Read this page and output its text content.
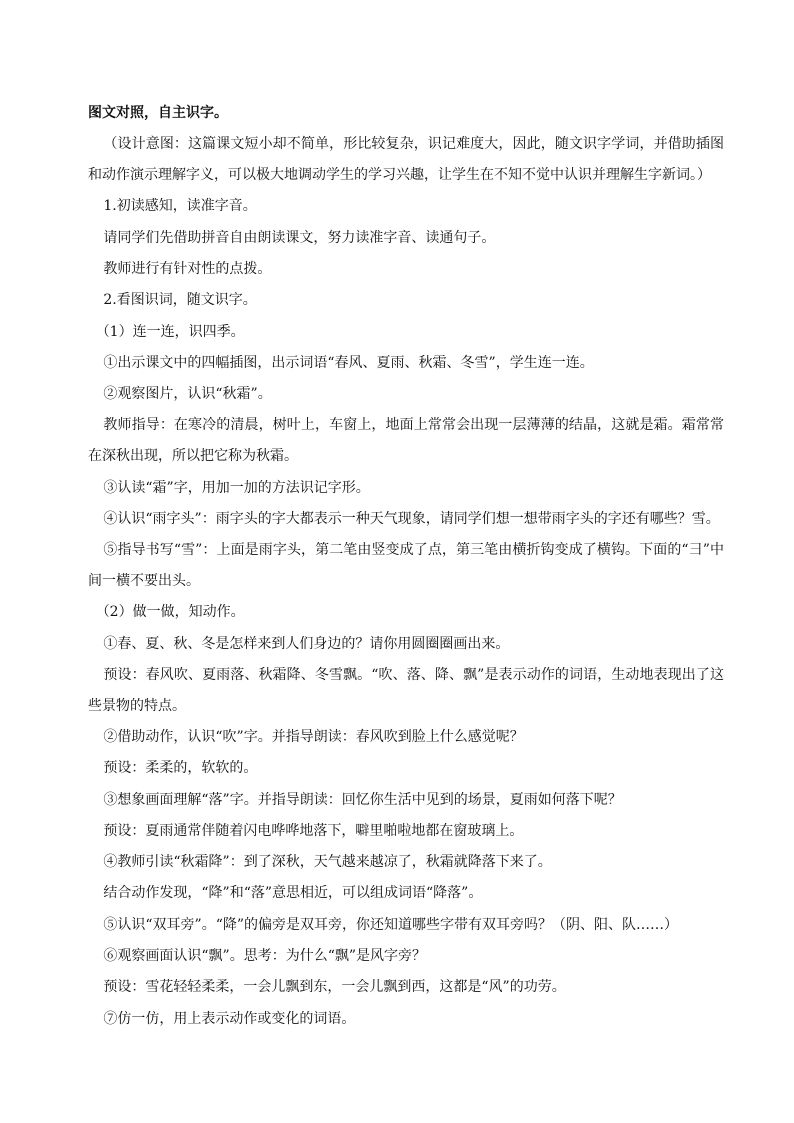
图文对照，自主识字。

（设计意图：这篇课文短小却不简单，形比较复杂，识记难度大，因此，随文识字学词，并借助插图和动作演示理解字义，可以极大地调动学生的学习兴趣，让学生在不知不觉中认识并理解生字新词。）

1.初读感知，读准字音。

请同学们先借助拼音自由朗读课文，努力读准字音、读通句子。

教师进行有针对性的点拨。

2.看图识词，随文识字。

（1）连一连，识四季。

①出示课文中的四幅插图，出示词语“春风、夏雨、秋霜、冬雪”，学生连一连。

②观察图片，认识“秋霜”。

教师指导：在寒冷的清晨，树叶上，车窗上，地面上常常会出现一层薄薄的结晶，这就是霜。霜常常在深秋出现，所以把它称为秋霜。

③认读“霜”字，用加一加的方法识记字形。

④认识“雨字头”：雨字头的字大都表示一种天气现象，请同学们想一想带雨字头的字还有哪些？雪。

⑤指导书写“雪”：上面是雨字头，第二笔由竖变成了点，第三笔由横折钩变成了横钩。下面的“彐”中间一横不要出头。

（2）做一做，知动作。

①春、夏、秋、冬是怎样来到人们身边的？请你用圆圈圈画出来。

预设：春风吹、夏雨落、秋霜降、冬雪飘。“吹、落、降、飘”是表示动作的词语，生动地表现出了这些景物的特点。

②借助动作，认识“吹”字。并指导朗读：春风吹到脸上什么感觉呢？

预设：柔柔的，软软的。

③想象画面理解“落”字。并指导朗读：回忆你生活中见到的场景，夏雨如何落下呢？

预设：夏雨通常伴随着闪电哗哗地落下，噼里啪啦地都在窗玻璃上。

④教师引读“秋霜降”：到了深秋，天气越来越凉了，秋霜就降落下来了。

结合动作发现，“降”和“落”意思相近，可以组成词语“降落”。

⑤认识“双耳旁”。“降”的偏旁是双耳旁，你还知道哪些字带有双耳旁吗？（阴、阳、队……）

⑥观察画面认识“飘”。思考：为什么“飘”是风字旁？

预设：雪花轻轻柔柔，一会儿飘到东，一会儿飘到西，这都是“风”的功劳。

⑦仿一仿，用上表示动作或变化的词语。
